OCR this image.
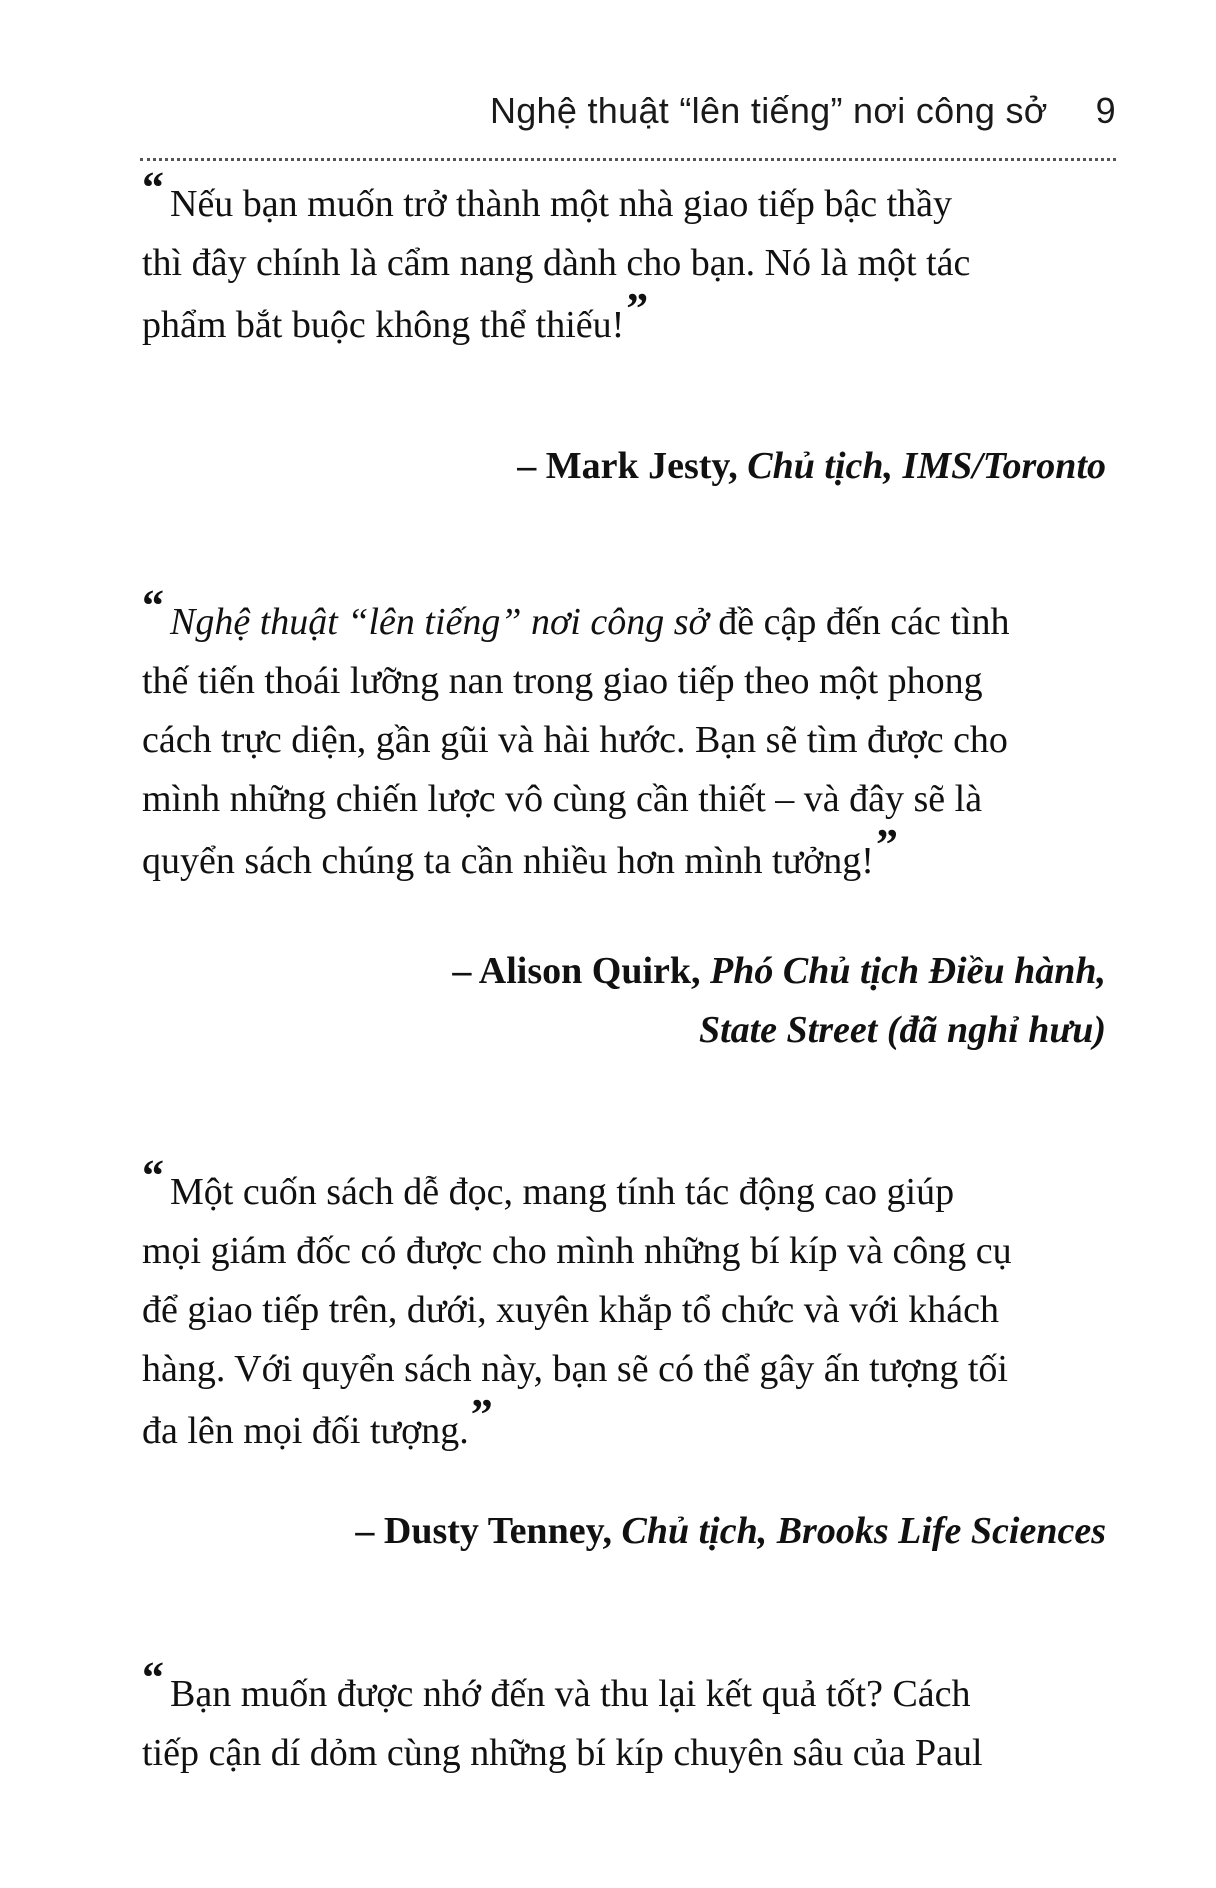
Nghệ thuật “lên tiếng” nơi công sở 9
“ Nếu bạn muốn trở thành một nhà giao tiếp bậc thầy
thì đây chính là cẩm nang dành cho bạn. Nó là một tác
phẩm bắt buộc không thể thiếu!”
– Mark Jesty, Chủ tịch, IMS/Toronto
“ Nghệ thuật “lên tiếng” nơi công sở đề cập đến các tình
thế tiến thoái lưỡng nan trong giao tiếp theo một phong
cách trực diện, gần gũi và hài hước. Bạn sẽ tìm được cho
mình những chiến lược vô cùng cần thiết – và đây sẽ là
quyển sách chúng ta cần nhiều hơn mình tưởng!”
– Alison Quirk, Phó Chủ tịch Điều hành,
State Street (đã nghỉ hưu)
“ Một cuốn sách dễ đọc, mang tính tác động cao giúp
mọi giám đốc có được cho mình những bí kíp và công cụ
để giao tiếp trên, dưới, xuyên khắp tổ chức và với khách
hàng. Với quyển sách này, bạn sẽ có thể gây ấn tượng tối
đa lên mọi đối tượng.”
– Dusty Tenney, Chủ tịch, Brooks Life Sciences
“ Bạn muốn được nhớ đến và thu lại kết quả tốt? Cách
tiếp cận dí dỏm cùng những bí kíp chuyên sâu của Paul
